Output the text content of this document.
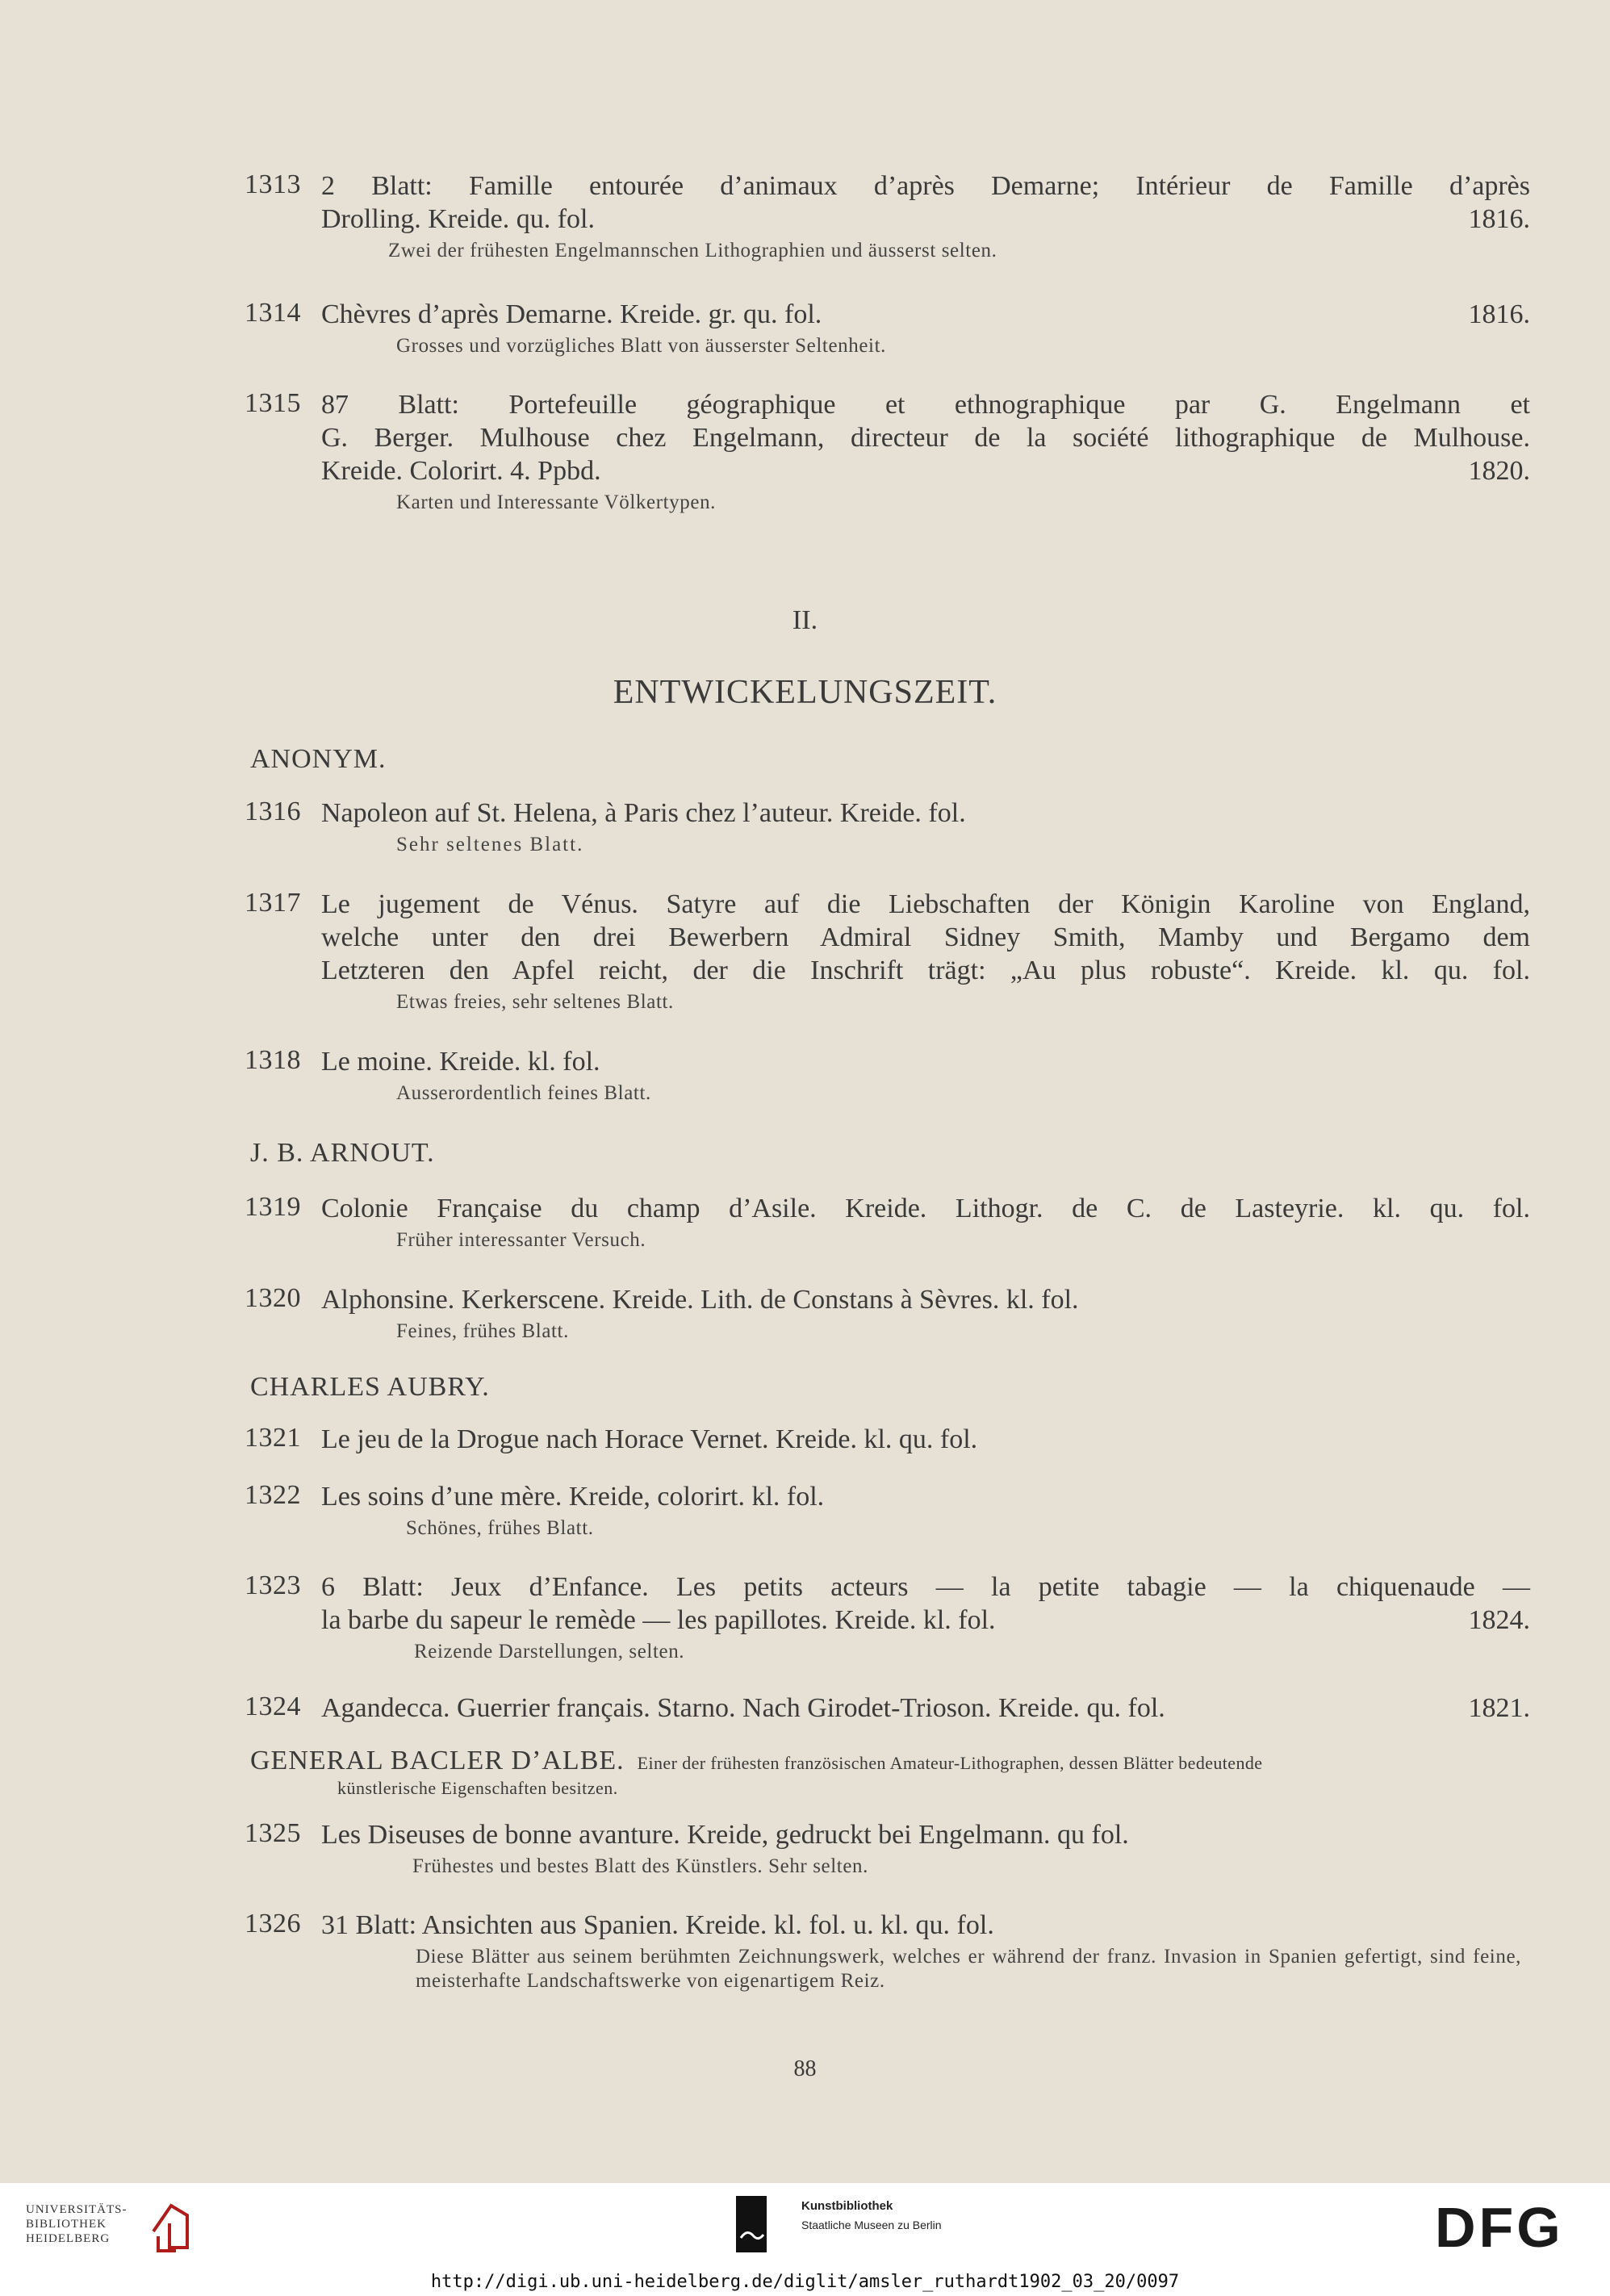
1313 2 Blatt: Famille entourée d’animaux d’après Demarne; Intérieur de Famille d’après
Drolling. Kreide. qu. fol.	1816.
Zwei der frühesten Engelmannschen Lithographien und äusserst selten.
1314 Chèvres d’après Demarne. Kreide. gr. qu. fol.	1816.
Grosses und vorzügliches Blatt von äusserster Seltenheit.
1315 87 Blatt: Portefeuille géographique et ethnographique par G. Engelmann et
G. Berger. Mulhouse chez Engelmann, directeur de la société lithographique de Mulhouse.
Kreide. Colorirt. 4. Ppbd.	1820.
Karten und Interessante Völkertypen.
II.
ENTWICKELUNGSZEIT.
ANONYM.
1316 Napoleon auf St. Helena, à Paris chez l’auteur. Kreide. fol.
Sehr seltenes Blatt.
1317 Le jugement de Vénus. Satyre auf die Liebschaften der Königin Karoline von England,
welche unter den drei Bewerbern Admiral Sidney Smith, Mamby und Bergamo dem
Letzteren den Apfel reicht, der die Inschrift trägt: „Au plus robuste“. Kreide. kl. qu. fol.
Etwas freies, sehr seltenes Blatt.
1318 Le moine. Kreide. kl. fol.
Ausserordentlich feines Blatt.
J. B. ARNOUT.
1319 Colonie Française du champ d’Asile. Kreide. Lithogr. de C. de Lasteyrie. kl. qu. fol.
Früher interessanter Versuch.
1320 Alphonsine. Kerkerscene. Kreide. Lith. de Constans à Sèvres. kl. fol.
Feines, frühes Blatt.
CHARLES AUBRY.
1321 Le jeu de la Drogue nach Horace Vernet. Kreide. kl. qu. fol.
1322 Les soins d’une mère. Kreide, colorirt. kl. fol.
Schönes, frühes Blatt.
1323 6 Blatt: Jeux d’Enfance. Les petits acteurs — la petite tabagie — la chiquenaude —
la barbe du sapeur le remède — les papillotes. Kreide. kl. fol.	1824.
Reizende Darstellungen, selten.
1324 Agandecca. Guerrier français. Starno. Nach Girodet-Trioson. Kreide. qu. fol.	1821.
GENERAL BACLER D’ALBE. Einer der frühesten französischen Amateur-Lithographen, dessen Blätter bedeutende
künstlerische Eigenschaften besitzen.
1325 Les Diseuses de bonne avanture. Kreide, gedruckt bei Engelmann. qu fol.
Frühestes und bestes Blatt des Künstlers. Sehr selten.
1326 31 Blatt: Ansichten aus Spanien. Kreide. kl. fol. u. kl. qu. fol.
Diese Blätter aus seinem berühmten Zeichnungswerk, welches er während der franz. Invasion in Spanien gefertigt, sind feine, meisterhafte Landschaftswerke von eigenartigem Reiz.
88
UNIVERSITÄTS-
BIBLIOTHEK
HEIDELBERG
Kunstbibliothek
Staatliche Museen zu Berlin	DFG
http://digi.ub.uni-heidelberg.de/diglit/amsler_ruthardt1902_03_20/0097
